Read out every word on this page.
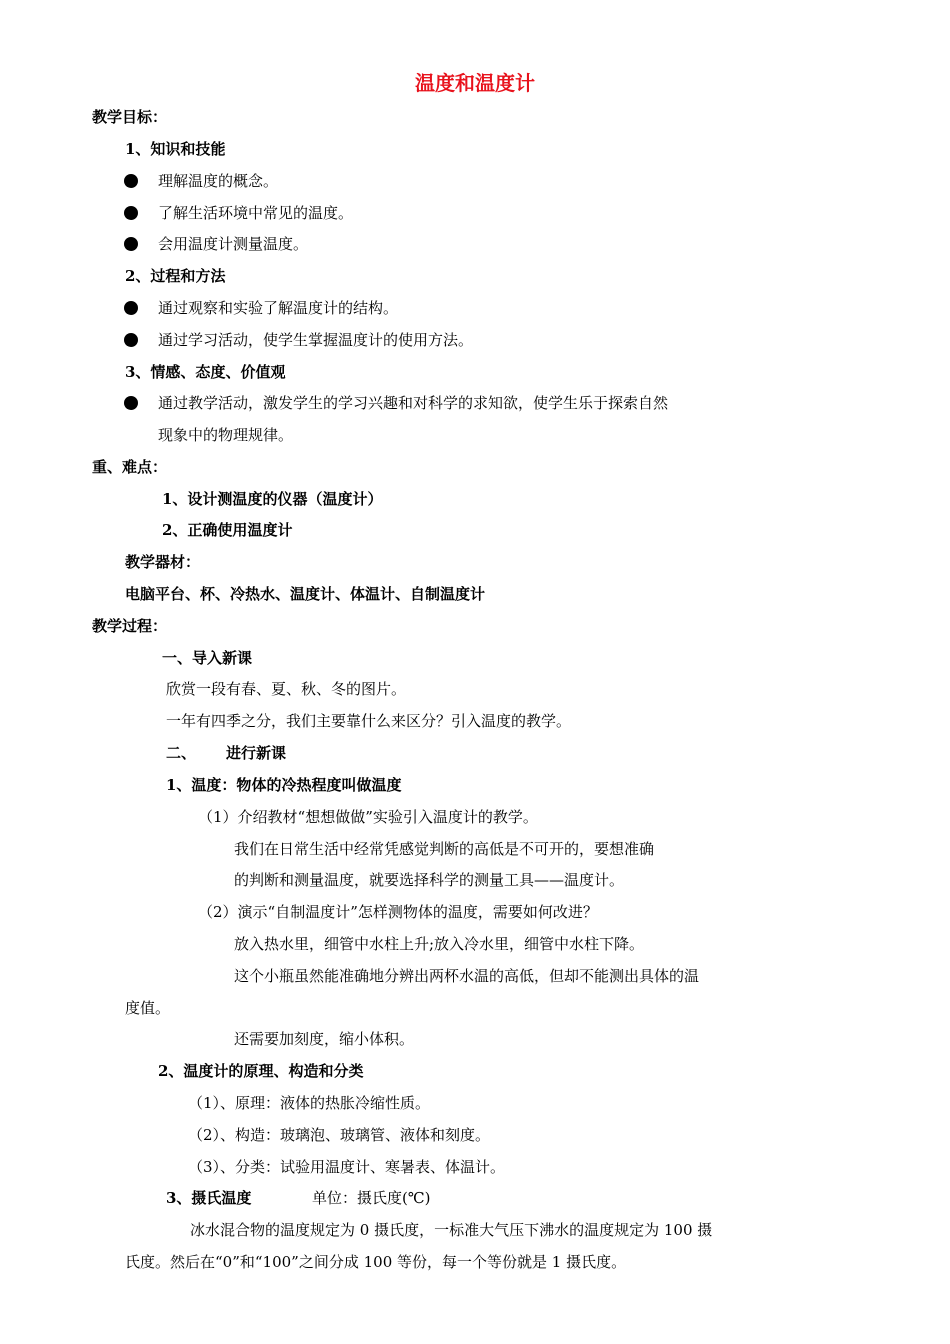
温度和温度计
教学目标：
1、知识和技能
理解温度的概念。
了解生活环境中常见的温度。
会用温度计测量温度。
2、过程和方法
通过观察和实验了解温度计的结构。
通过学习活动，使学生掌握温度计的使用方法。
3、情感、态度、价值观
通过教学活动，激发学生的学习兴趣和对科学的求知欲，使学生乐于探索自然
现象中的物理规律。
重、难点：
1、设计测温度的仪器（温度计）
2、正确使用温度计
教学器材：
电脑平台、杯、冷热水、温度计、体温计、自制温度计
教学过程：
一、导入新课
欣赏一段有春、夏、秋、冬的图片。
一年有四季之分，我们主要靠什么来区分？引入温度的教学。
二、 进行新课
1、温度：物体的冷热程度叫做温度
（1）介绍教材“想想做做”实验引入温度计的教学。
我们在日常生活中经常凭感觉判断的高低是不可开的，要想准确
的判断和测量温度，就要选择科学的测量工具——温度计。
（2）演示“自制温度计”怎样测物体的温度，需要如何改进？
放入热水里，细管中水柱上升;放入冷水里，细管中水柱下降。
这个小瓶虽然能准确地分辨出两杯水温的高低，但却不能测出具体的温
度值。
还需要加刻度，缩小体积。
2、温度计的原理、构造和分类
（1）、原理：液体的热胀冷缩性质。
（2）、构造：玻璃泡、玻璃管、液体和刻度。
（3）、分类：试验用温度计、寒暑表、体温计。
3、摄氏温度	单位：摄氏度(℃)
冰水混合物的温度规定为 0 摄氏度，一标准大气压下沸水的温度规定为 100 摄
氏度。然后在“0”和“100”之间分成 100 等份，每一个等份就是 1 摄氏度。
